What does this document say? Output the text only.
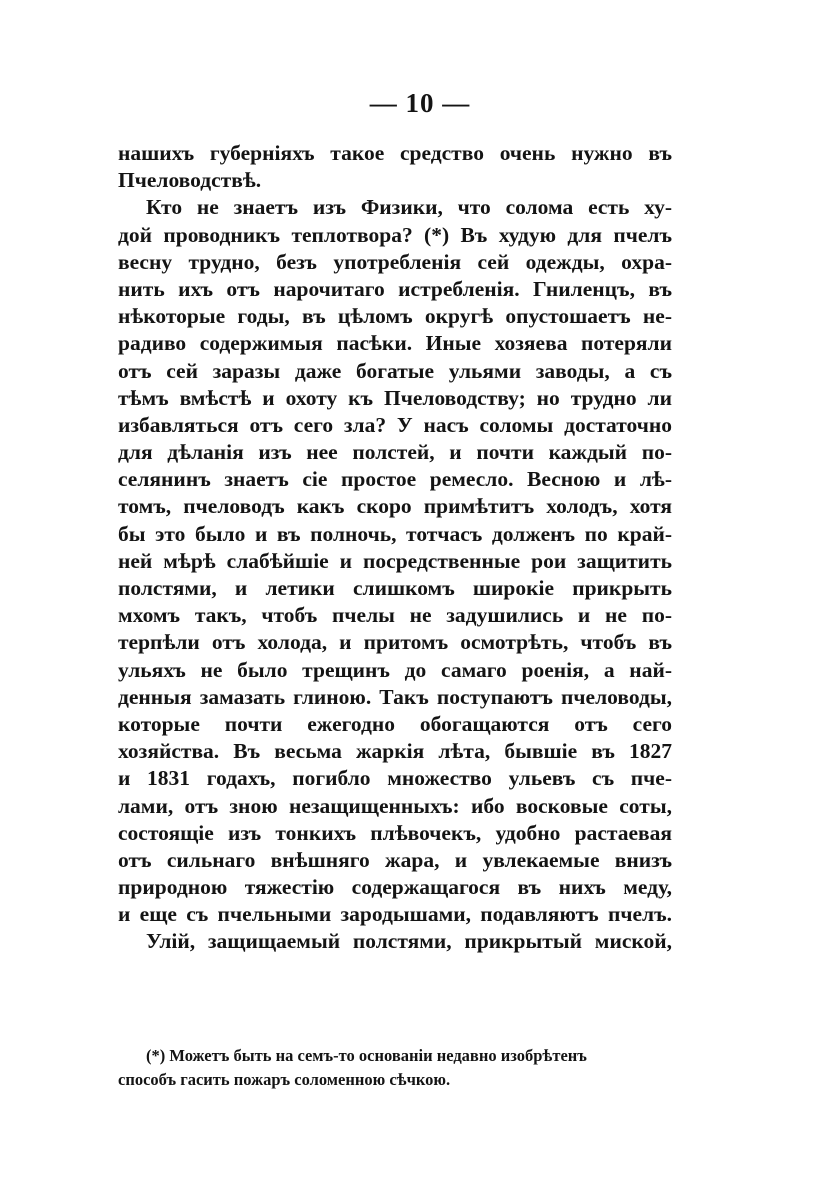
— 10 —
нашихъ губерніяхъ такое средство очень нужно въ
Пчеловодствѣ.
Кто не знаетъ изъ Физики, что солома есть ху-
дой проводникъ теплотвора? (*) Въ худую для пчелъ
весну трудно, безъ употребленія сей одежды, охра-
нить ихъ отъ нарочитаго истребленія. Гниленцъ, въ
нѣкоторые годы, въ цѣломъ округѣ опустошаетъ не-
радиво содержимыя пасѣки. Иные хозяева потеряли
отъ сей заразы даже богатые ульями заводы, а съ
тѣмъ вмѣстѣ и охоту къ Пчеловодству; но трудно ли
избавляться отъ сего зла? У насъ соломы достаточно
для дѣланія изъ нее полстей, и почти каждый по-
селянинъ знаетъ сіе простое ремесло. Весною и лѣ-
томъ, пчеловодъ какъ скоро примѣтитъ холодъ, хотя
бы это было и въ полночь, тотчасъ долженъ по край-
ней мѣрѣ слабѣйшіе и посредственные рои защитить
полстями, и летики слишкомъ широкіе прикрыть
мхомъ такъ, чтобъ пчелы не задушились и не по-
терпѣли отъ холода, и притомъ осмотрѣть, чтобъ въ
ульяхъ не было трещинъ до самаго роенія, а най-
денныя замазать глиною. Такъ поступаютъ пчеловоды,
которые почти ежегодно обогащаются отъ сего
хозяйства. Въ весьма жаркія лѣта, бывшіе въ 1827
и 1831 годахъ, погибло множество ульевъ съ пче-
лами, отъ зною незащищенныхъ: ибо восковые соты,
состоящіе изъ тонкихъ плѣвочекъ, удобно растаевая
отъ сильнаго внѣшняго жара, и увлекаемые внизъ
природною тяжестію содержащагося въ нихъ меду,
и еще съ пчельными зародышами, подавляютъ пчелъ.
Улій, защищаемый полстями, прикрытый миской,
(*) Можетъ быть на семъ-то основаніи недавно изобрѣтенъ
способъ гасить пожаръ соломенною сѣчкою.
